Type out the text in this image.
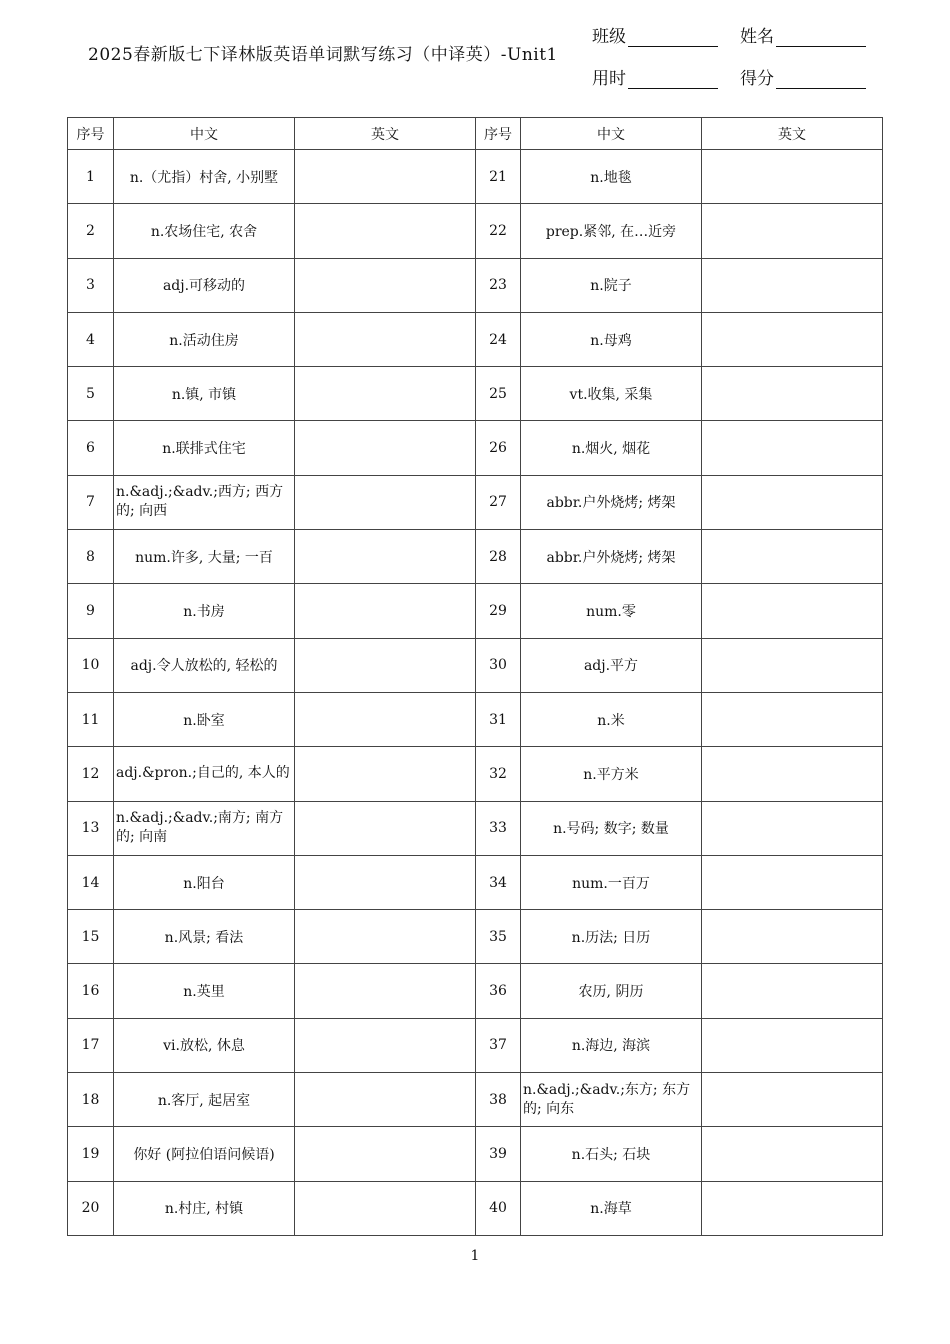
2025春新版七下译林版英语单词默写练习（中译英）-Unit1
班级	姓名
用时	得分
序号	中文	英文	序号	中文	英文
1	n.（尤指）村舍, 小别墅		21	n.地毯	
2	n.农场住宅, 农舍		22	prep.紧邻, 在…近旁	
3	adj.可移动的		23	n.院子	
4	n.活动住房		24	n.母鸡	
5	n.镇, 市镇		25	vt.收集, 采集	
6	n.联排式住宅		26	n.烟火, 烟花	
7	n.&adj.;&adv.;西方; 西方的; 向西		27	abbr.户外烧烤; 烤架	
8	num.许多, 大量; 一百		28	abbr.户外烧烤; 烤架	
9	n.书房		29	num.零	
10	adj.令人放松的, 轻松的		30	adj.平方	
11	n.卧室		31	n.米	
12	adj.&pron.;自己的, 本人的		32	n.平方米	
13	n.&adj.;&adv.;南方; 南方的; 向南		33	n.号码; 数字; 数量	
14	n.阳台		34	num.一百万	
15	n.风景; 看法		35	n.历法; 日历	
16	n.英里		36	农历, 阴历	
17	vi.放松, 休息		37	n.海边, 海滨	
18	n.客厅, 起居室		38	n.&adj.;&adv.;东方; 东方的; 向东	
19	你好 (阿拉伯语问候语)		39	n.石头; 石块	
20	n.村庄, 村镇		40	n.海草	
1
